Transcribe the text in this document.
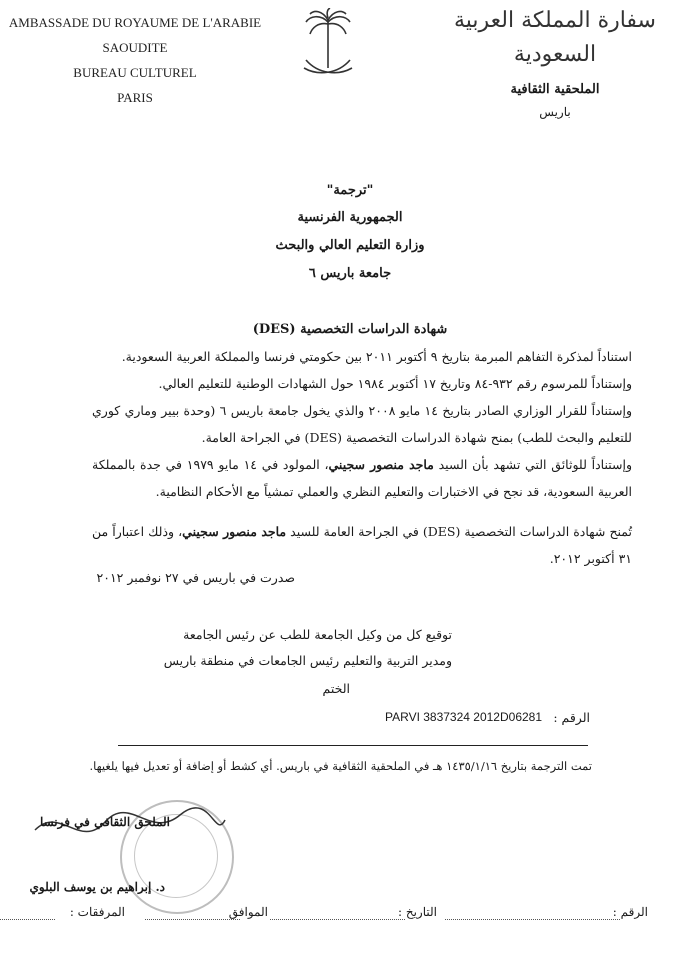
AMBASSADE DU ROYAUME DE L'ARABIE SAOUDITE
BUREAU CULTUREL
PARIS
سفارة المملكة العربية السعودية
الملحقية الثقافية
باريس
"ترجمة"
الجمهورية الفرنسية
وزارة التعليم العالي والبحث
جامعة باريس ٦
شهادة الدراسات التخصصية (DES)
استناداً لمذكرة التفاهم المبرمة بتاريخ ٩ أكتوبر ٢٠١١ بين حكومتي فرنسا والمملكة العربية السعودية.
وإستناداً للمرسوم رقم ٩٣٢-٨٤ وتاريخ ١٧ أكتوبر ١٩٨٤ حول الشهادات الوطنية للتعليم العالي.
وإستناداً للقرار الوزاري الصادر بتاريخ ١٤ مايو ٢٠٠٨ والذي يخول جامعة باريس ٦ (وحدة بيير وماري كوري للتعليم والبحث للطب) بمنح شهادة الدراسات التخصصية (DES) في الجراحة العامة.
وإستناداً للوثائق التي تشهد بأن السيد ماجد منصور سجيني، المولود في ١٤ مايو ١٩٧٩ في جدة بالمملكة العربية السعودية، قد نجح في الاختبارات والتعليم النظري والعملي تمشياً مع الأحكام النظامية.
تُمنح شهادة الدراسات التخصصية (DES) في الجراحة العامة للسيد ماجد منصور سجيني، وذلك اعتباراً من ٣١ أكتوبر ٢٠١٢.
صدرت في باريس في ٢٧ نوفمبر ٢٠١٢
توقيع كل من وكيل الجامعة للطب عن رئيس الجامعة
ومدير التربية والتعليم رئيس الجامعات في منطقة باريس
الختم
الرقم :
PARVI 3837324 2012D06281
تمت الترجمة بتاريخ ١٤٣٥/١/١٦ هـ في الملحقية الثقافية في باريس. أي كشط أو إضافة أو تعديل فيها يلغيها.
الملحق الثقافي في فرنسا
د. إبراهيم بن يوسف البلوي
الرقم :
التاريخ :
الموافق
المرفقات :
